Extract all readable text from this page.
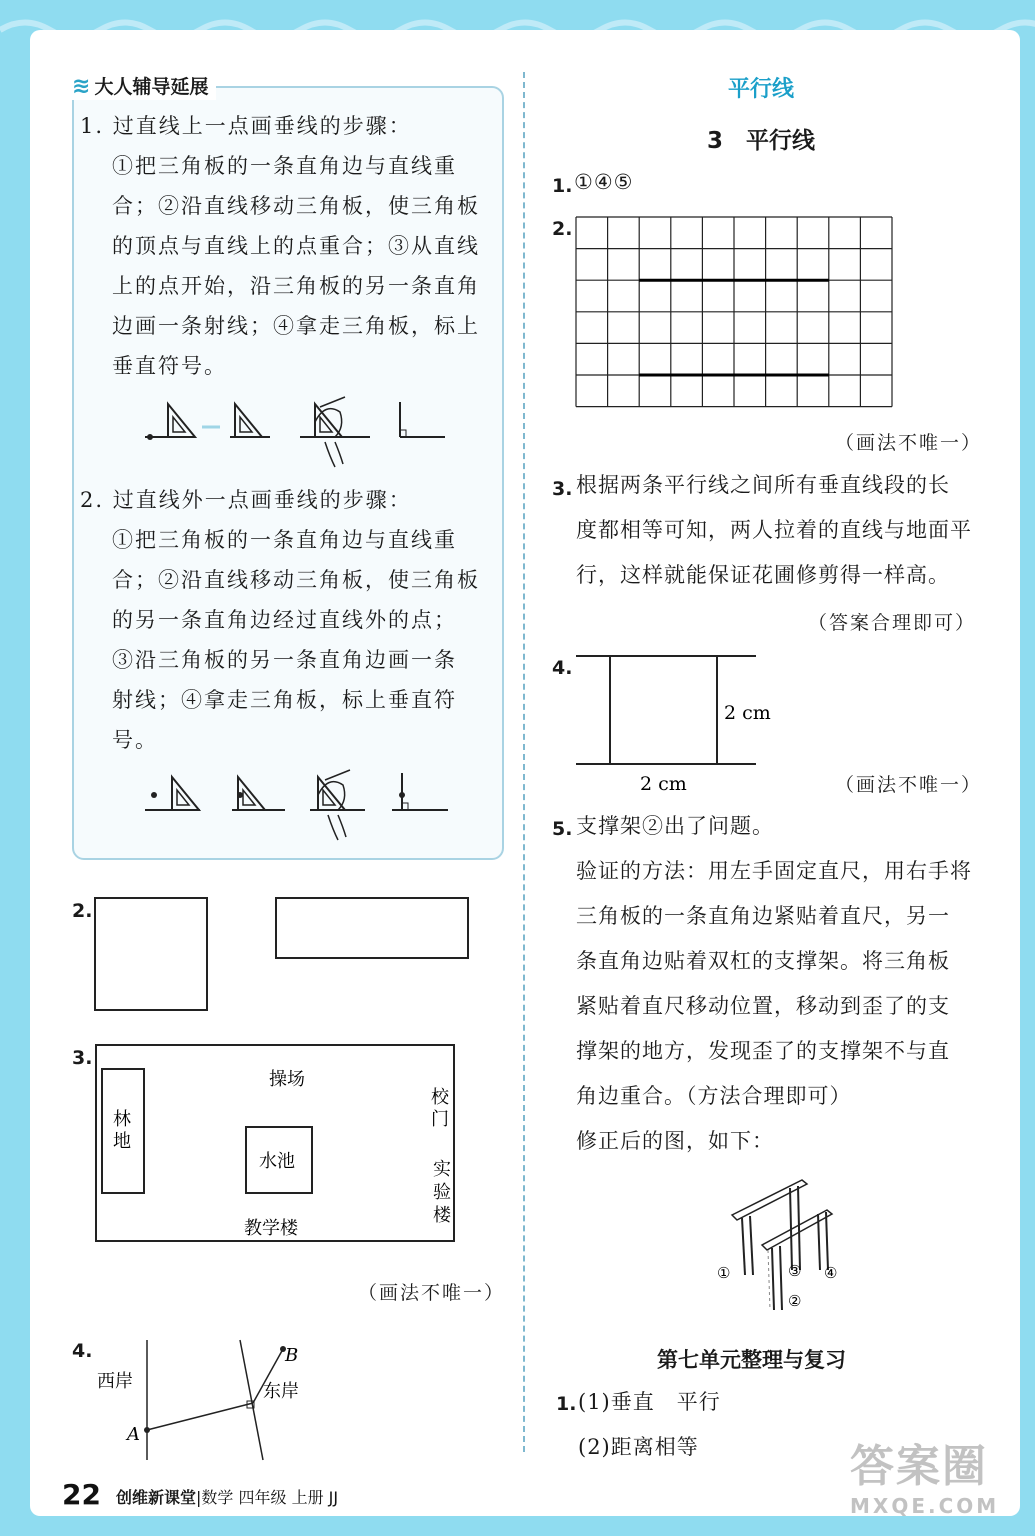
≋ 大人辅导延展

1. 过直线上一点画垂线的步骤：

①把三角板的一条直角边与直线重

合；②沿直线移动三角板，使三角板

的顶点与直线上的点重合；③从直线

上的点开始，沿三角板的另一条直角

边画一条射线；④拿走三角板，标上

垂直符号。

2. 过直线外一点画垂线的步骤：

①把三角板的一条直角边与直线重

合；②沿直线移动三角板，使三角板

的另一条直角边经过直线外的点；

③沿三角板的另一条直角边画一条

射线；④拿走三角板，标上垂直符

号。

2.
3.
操场
林
地
水池
校
门
实
验
楼
教学楼
（画法不唯一）
4.
西岸	东岸
A
B
平行线
3　平行线
1. ①④⑤
2.
（画法不唯一）
3. 根据两条平行线之间所有垂直线段的长
度都相等可知，两人拉着的直线与地面平
行，这样就能保证花圃修剪得一样高。
（答案合理即可）
4.
2 cm
2 cm	（画法不唯一）
5. 支撑架②出了问题。
验证的方法：用左手固定直尺，用右手将
三角板的一条直角边紧贴着直尺，另一
条直角边贴着双杠的支撑架。将三角板
紧贴着直尺移动位置，移动到歪了的支
撑架的地方，发现歪了的支撑架不与直
角边重合。（方法合理即可）
修正后的图，如下：
①
②
③ ④
第七单元整理与复习
1. (1)垂直　平行
(2)距离相等
22 创维新课堂|数学 四年级 上册 JJ
答案圈
MXQE.COM
